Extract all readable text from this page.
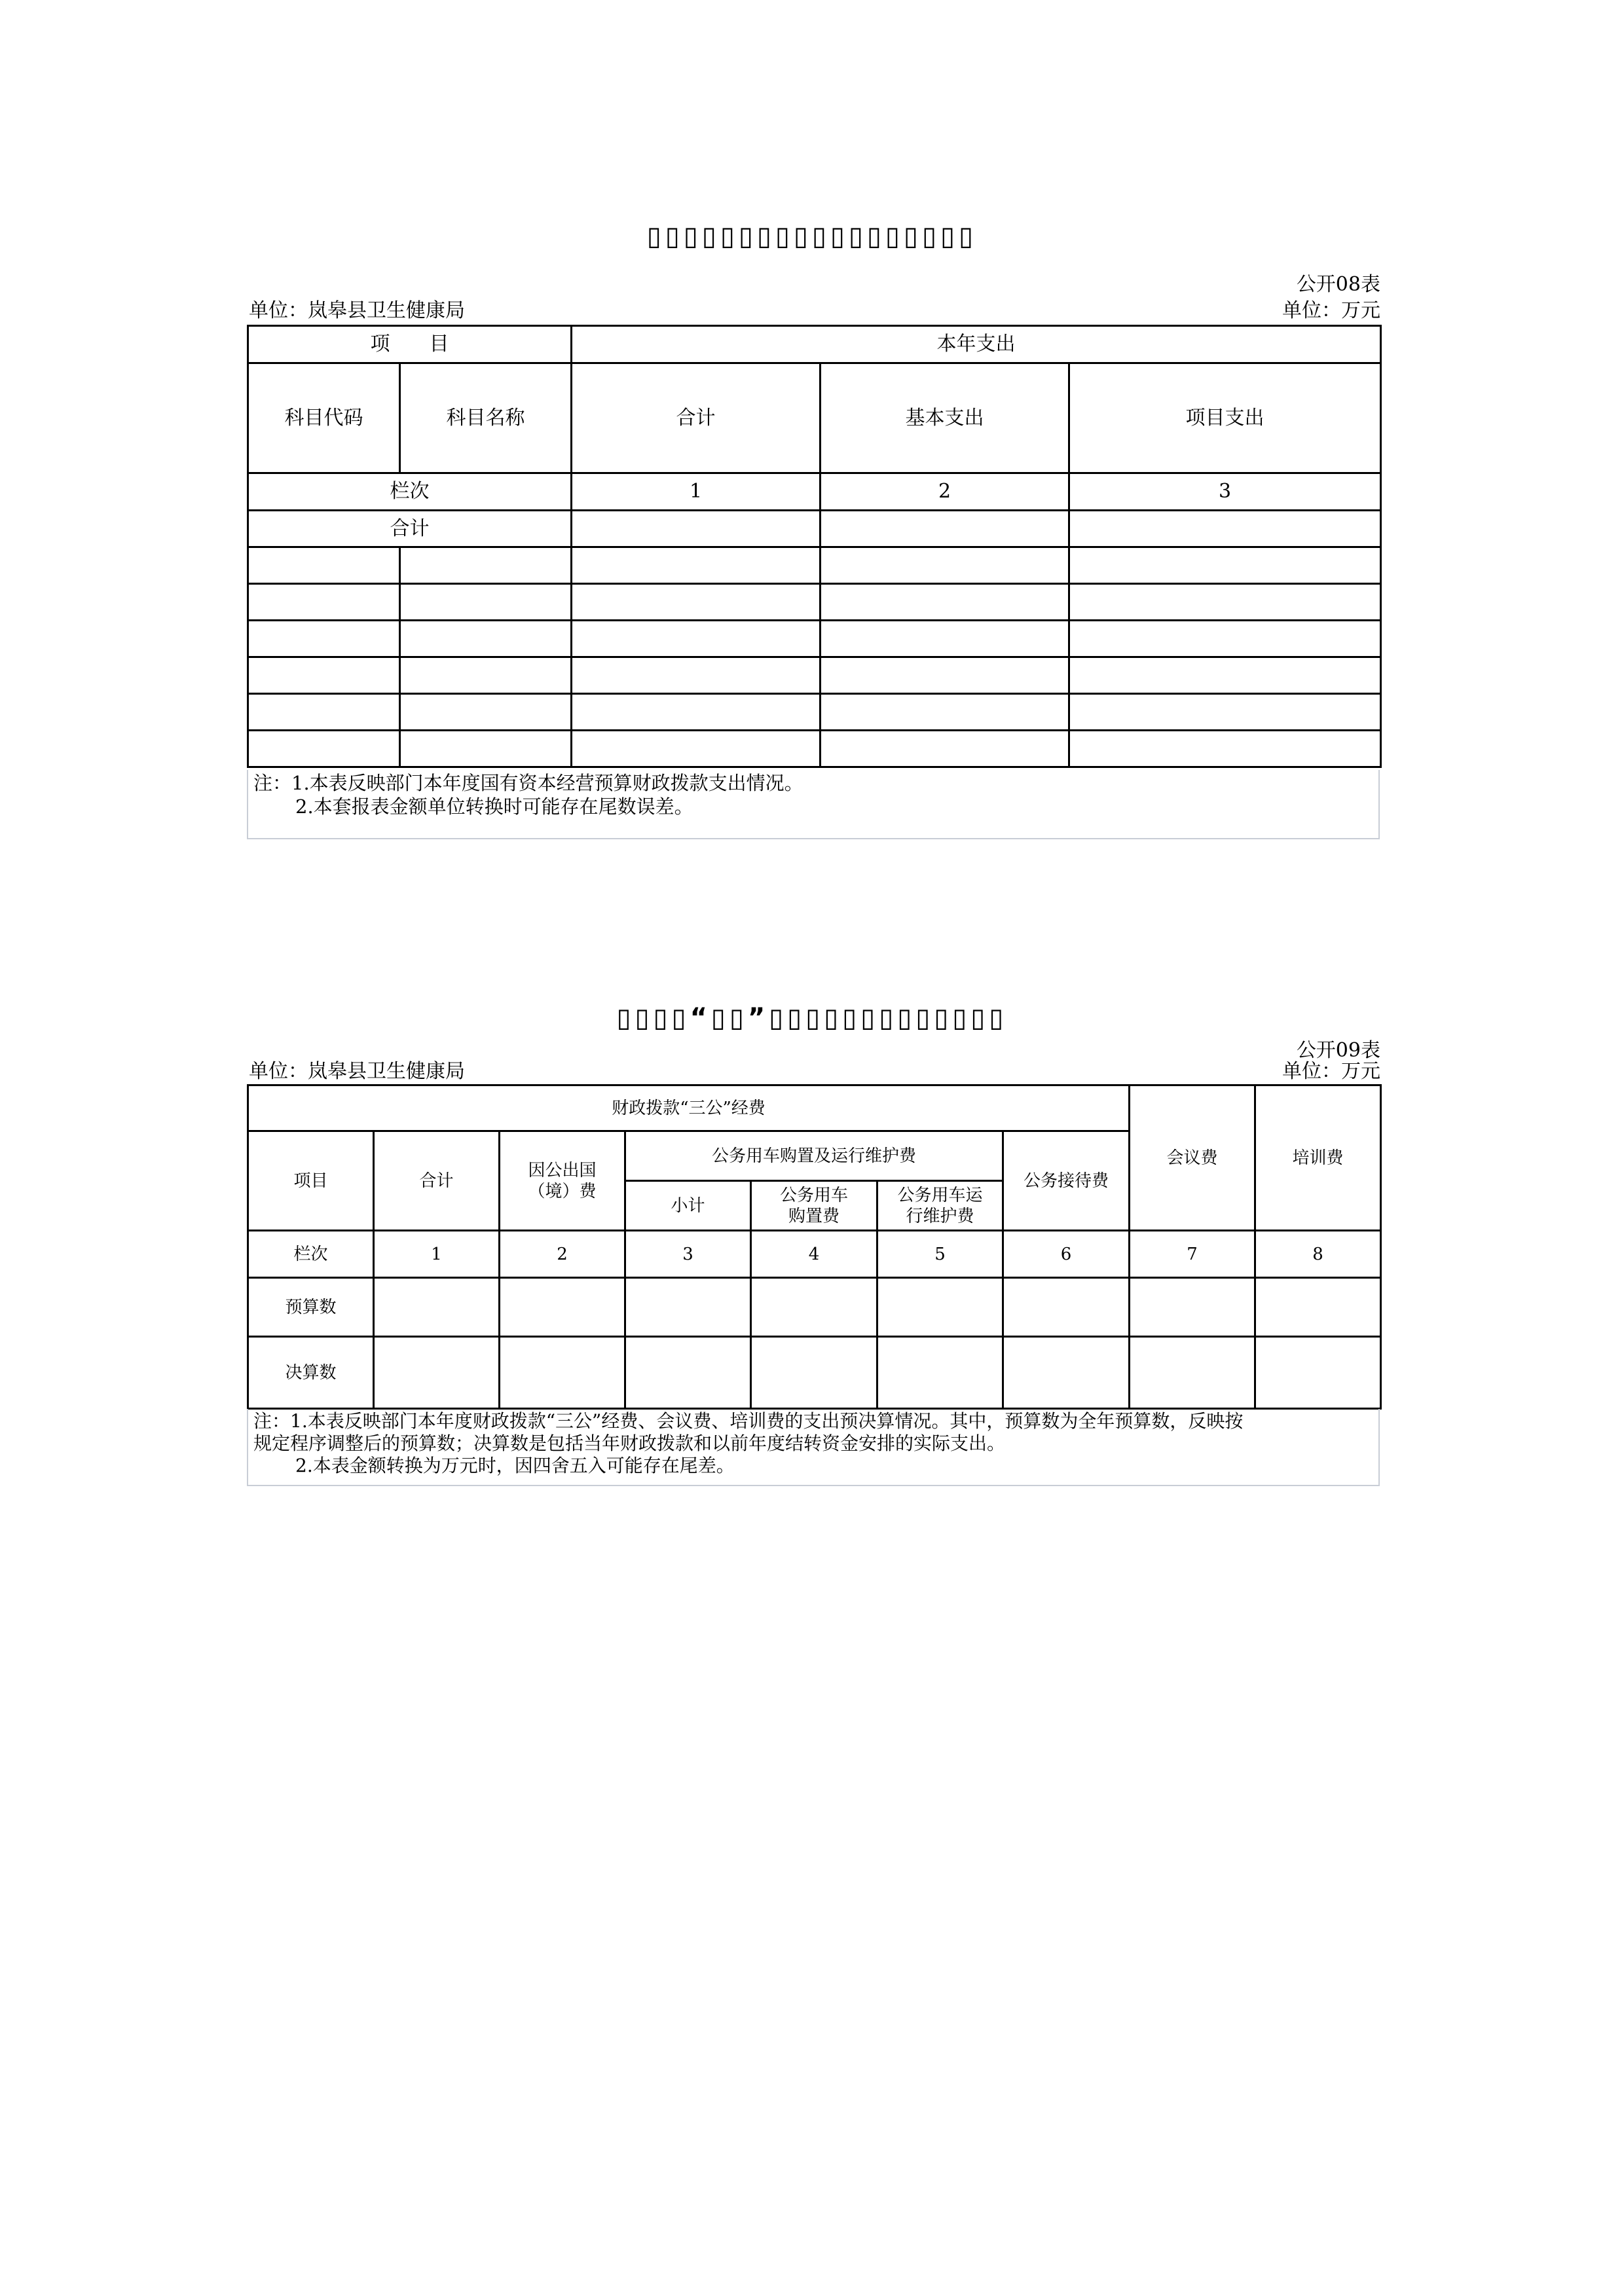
▯▯▯▯▯▯▯▯▯▯▯▯▯▯▯▯▯▯
公开08表
单位：岚皋县卫生健康局	单位：万元
项　　目		本年支出		
科目代码	科目名称	合计	基本支出	项目支出
栏次		1	2	3
合计				

注：1.本表反映部门本年度国有资本经营预算财政拨款支出情况。
2.本套报表金额单位转换时可能存在尾数误差。
▯▯▯▯“▯▯”▯▯▯▯▯▯▯▯▯▯▯▯▯
公开09表
单位：岚皋县卫生健康局	单位：万元
财政拨款“三公”经费							会议费	培训费
项目	合计	因公出国（境）费	公务用车购置及运行维护费			公务接待费		
			小计	公务用车购置费	公务用车运行维护费			
栏次	1	2	3	4	5	6	7	8
预算数								
决算数								
注：1.本表反映部门本年度财政拨款“三公”经费、会议费、培训费的支出预决算情况。其中，预算数为全年预算数，反映按
规定程序调整后的预算数；决算数是包括当年财政拨款和以前年度结转资金安排的实际支出。
2.本表金额转换为万元时，因四舍五入可能存在尾差。
